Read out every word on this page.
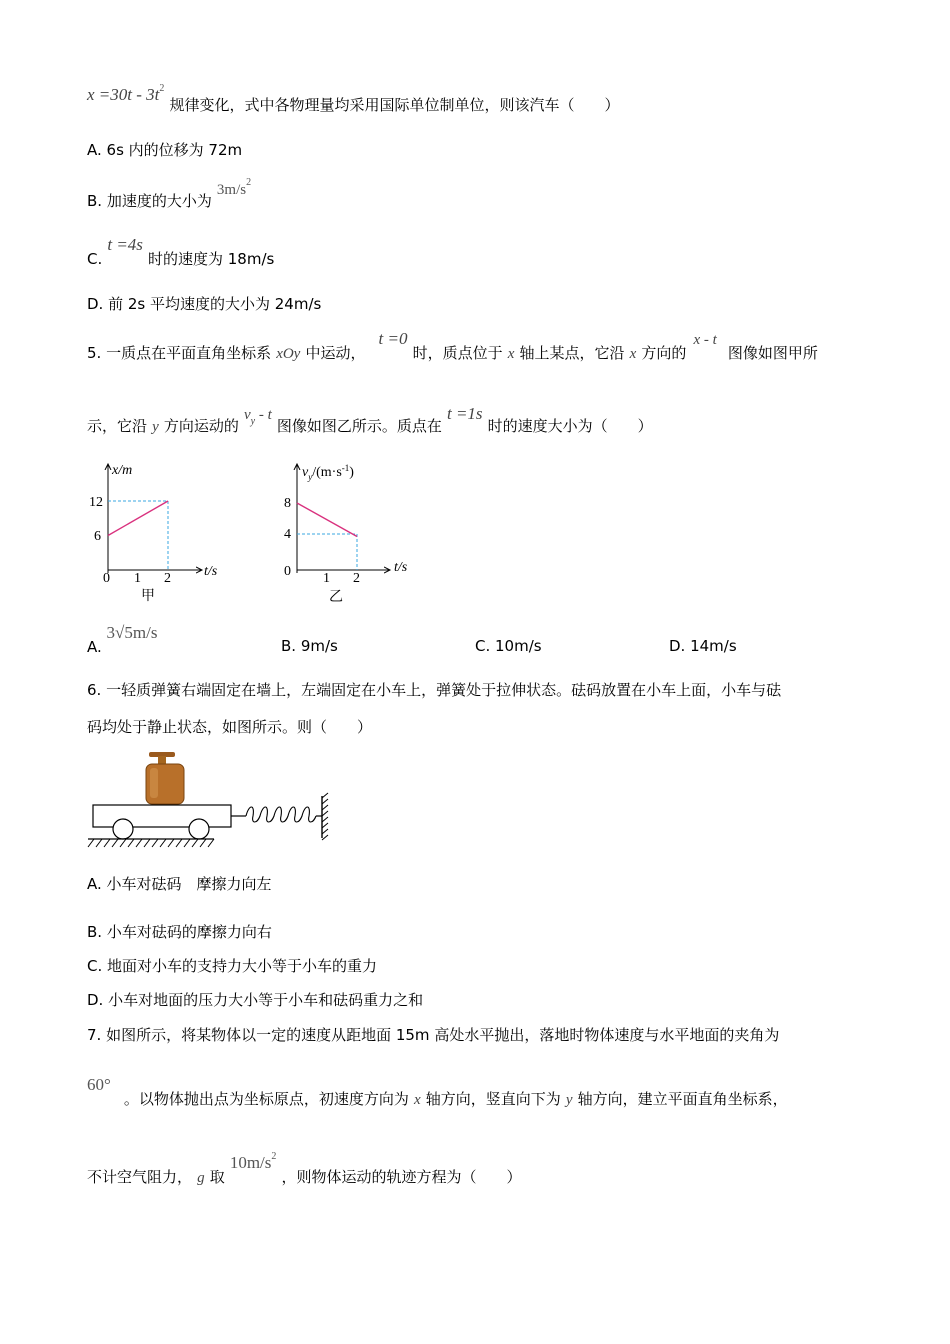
$x =30t - 3t^2$ 规律变化，式中各物理量均采用国际单位制单位，则该汽车（　　）
A. 6s 内的位移为 72m
B. 加速度的大小为 $3m/s^2$
C. t =4s 时的速度为 18m/s
D. 前 2s 平均速度的大小为 24m/s
5. 一质点在平面直角坐标系 xOy 中运动， t =0 时，质点位于 x 轴上某点，它沿 x 方向的 x - t 图像如图甲所
示，它沿 y 方向运动的 $v_y$ - t 图像如图乙所示。质点在 t =1s 时的速度大小为（　　）
x/m
t/s
12
6
0 1 2
甲
$v_y/(m\cdot s^{-1})$
t/s
8
4
0 1 2
乙
A. 3√5m/s
B. 9m/s	C. 10m/s	D. 14m/s
6. 一轻质弹簧右端固定在墙上，左端固定在小车上，弹簧处于拉伸状态。砝码放置在小车上面，小车与砝
码均处于静止状态，如图所示。则（　　）
A. 小车对砝码　摩擦力向左
B. 小车对砝码的摩擦力向右
C. 地面对小车的支持力大小等于小车的重力
D. 小车对地面的压力大小等于小车和砝码重力之和
7. 如图所示，将某物体以一定的速度从距地面 15m 高处水平抛出，落地时物体速度与水平地面的夹角为
60° 。以物体抛出点为坐标原点，初速度方向为 x 轴方向，竖直向下为 y 轴方向，建立平面直角坐标系，
不计空气阻力， g 取 $10m/s^2$ ，则物体运动的轨迹方程为（　　）
